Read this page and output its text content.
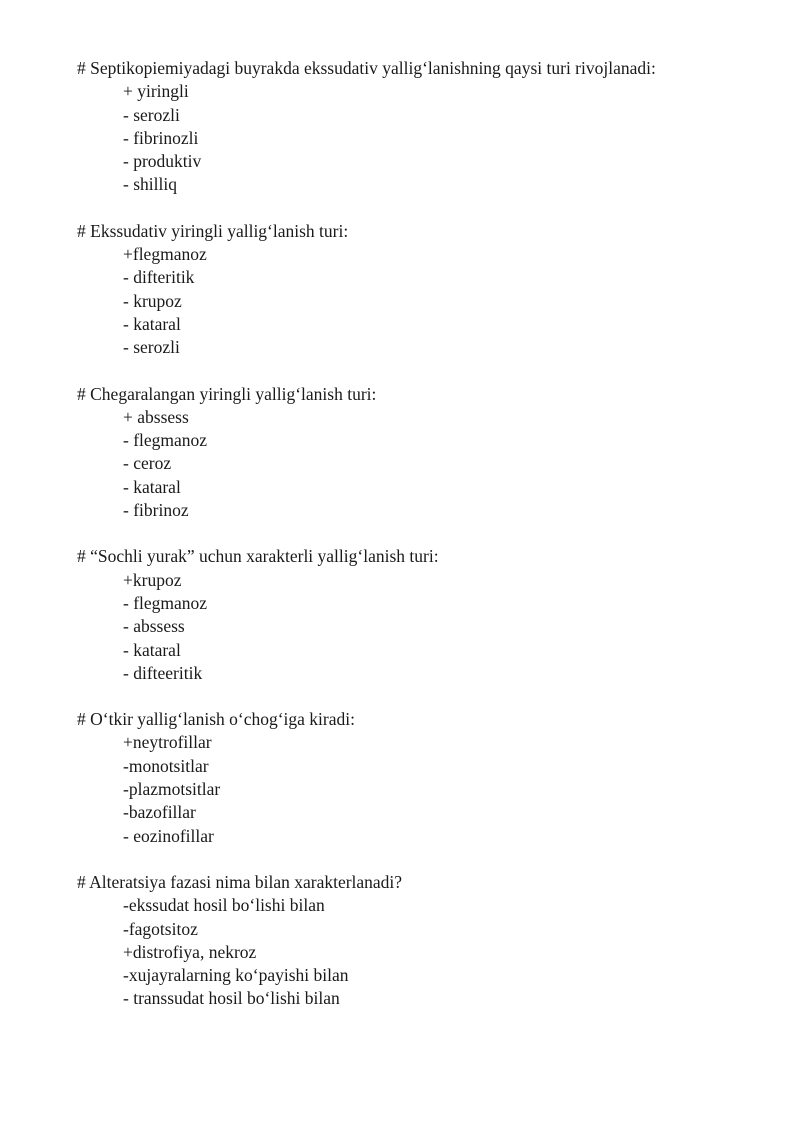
# Septikopiemiyadagi buyrakda ekssudativ yallig‘lanishning qaysi turi rivojlanadi:
+ yiringli
- serozli
- fibrinozli
- produktiv
- shilliq
# Ekssudativ yiringli yallig‘lanish turi:
+flegmanoz
- difteritik
- krupoz
- kataral
- serozli
# Chegaralangan yiringli yallig‘lanish turi:
+ abssess
- flegmanoz
- ceroz
- kataral
- fibrinoz
# “Sochli yurak” uchun xarakterli yallig‘lanish turi:
+krupoz
- flegmanoz
- abssess
- kataral
- difteeritik
# O‘tkir yallig‘lanish o‘chog‘iga kiradi:
+neytrofillar
-monotsitlar
-plazmotsitlar
-bazofillar
- eozinofillar
# Alteratsiya fazasi nima bilan xarakterlanadi?
-ekssudat hosil bo‘lishi bilan
-fagotsitoz
+distrofiya, nekroz
-xujayralarning ko‘payishi bilan
- transsudat hosil bo‘lishi bilan
